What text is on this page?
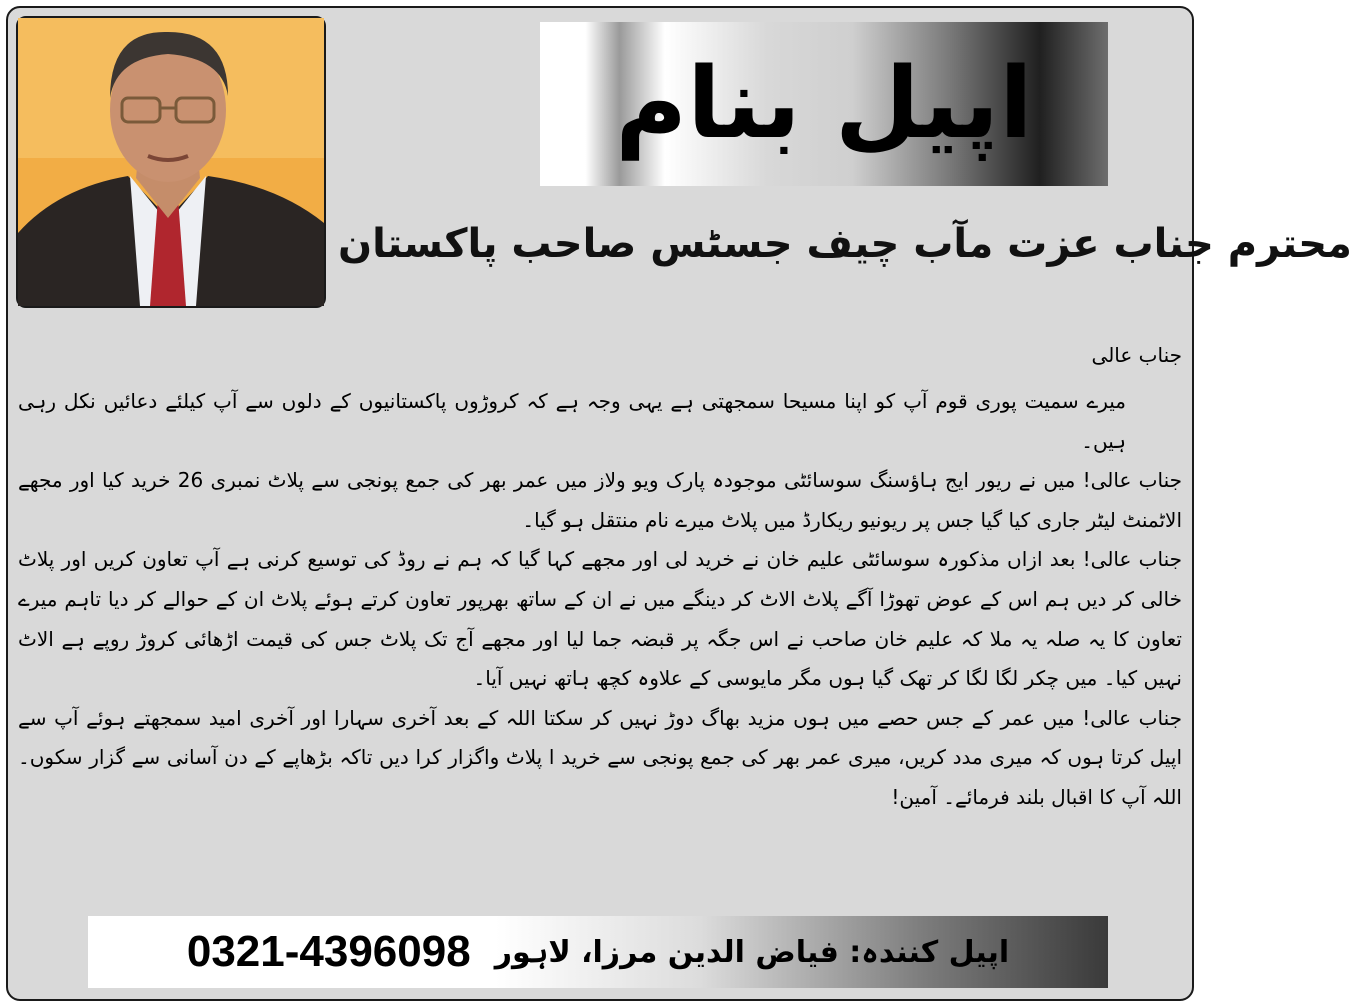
اپیل بنام
محترم جناب عزت مآب چیف جسٹس صاحب پاکستان

جناب عالی

میرے سمیت پوری قوم آپ کو اپنا مسیحا سمجھتی ہے یہی وجہ ہے کہ کروڑوں پاکستانیوں کے دلوں سے آپ کیلئے دعائیں نکل رہی ہیں۔

جناب عالی! میں نے ریور ایج ہاؤسنگ سوسائٹی موجودہ پارک ویو ولاز میں عمر بھر کی جمع پونجی سے پلاٹ نمبری 26 خرید کیا اور مجھے الاٹمنٹ لیٹر جاری کیا گیا جس پر ریونیو ریکارڈ میں پلاٹ میرے نام منتقل ہو گیا۔

جناب عالی! بعد ازاں مذکورہ سوسائٹی علیم خان نے خرید لی اور مجھے کہا گیا کہ ہم نے روڈ کی توسیع کرنی ہے آپ تعاون کریں اور پلاٹ خالی کر دیں ہم اس کے عوض تھوڑا آگے پلاٹ الاٹ کر دینگے میں نے ان کے ساتھ بھرپور تعاون کرتے ہوئے پلاٹ ان کے حوالے کر دیا تاہم میرے تعاون کا یہ صلہ یہ ملا کہ علیم خان صاحب نے اس جگہ پر قبضہ جما لیا اور مجھے آج تک پلاٹ جس کی قیمت اڑھائی کروڑ روپے ہے الاٹ نہیں کیا۔ میں چکر لگا لگا کر تھک گیا ہوں مگر مایوسی کے علاوہ کچھ ہاتھ نہیں آیا۔

جناب عالی! میں عمر کے جس حصے میں ہوں مزید بھاگ دوڑ نہیں کر سکتا اللہ کے بعد آخری سہارا اور آخری امید سمجھتے ہوئے آپ سے اپیل کرتا ہوں کہ میری مدد کریں، میری عمر بھر کی جمع پونجی سے خرید ا پلاٹ واگزار کرا دیں تاکہ بڑھاپے کے دن آسانی سے گزار سکوں۔ اللہ آپ کا اقبال بلند فرمائے۔ آمین!

اپیل کنندہ: فیاض الدین مرزا، لاہور
0321-4396098
